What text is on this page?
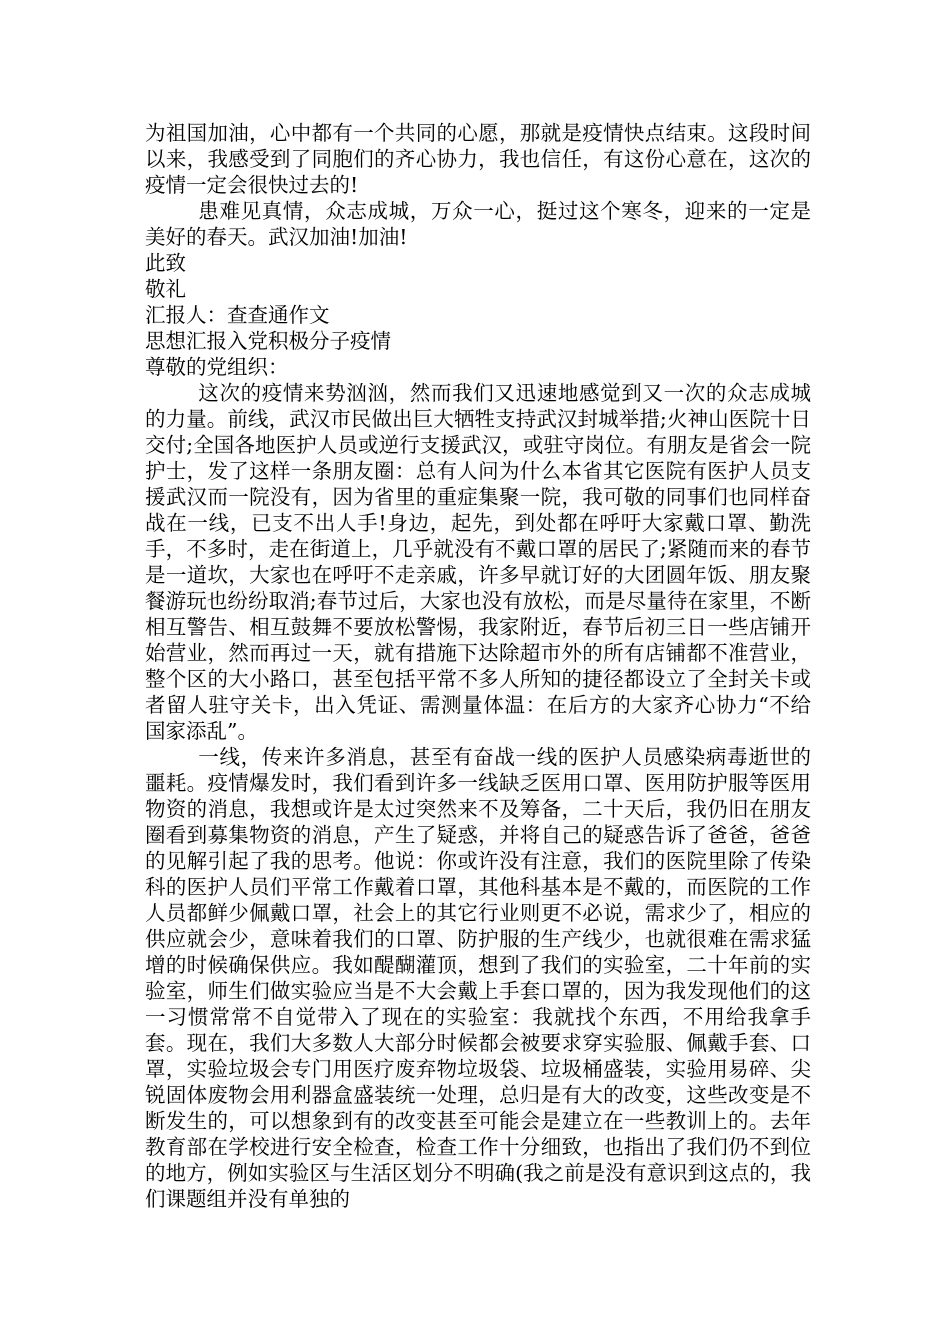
为祖国加油，心中都有一个共同的心愿，那就是疫情快点结束。这段时间以来，我感受到了同胞们的齐心协力，我也信任，有这份心意在，这次的疫情一定会很快过去的!

患难见真情，众志成城，万众一心，挺过这个寒冬，迎来的一定是美好的春天。武汉加油!加油!

此致

敬礼

汇报人：查查通作文

思想汇报入党积极分子疫情

尊敬的党组织：

这次的疫情来势汹汹，然而我们又迅速地感觉到又一次的众志成城的力量。前线，武汉市民做出巨大牺牲支持武汉封城举措;火神山医院十日交付;全国各地医护人员或逆行支援武汉，或驻守岗位。有朋友是省会一院护士，发了这样一条朋友圈：总有人问为什么本省其它医院有医护人员支援武汉而一院没有，因为省里的重症集聚一院，我可敬的同事们也同样奋战在一线，已支不出人手!身边，起先，到处都在呼吁大家戴口罩、勤洗手，不多时，走在街道上，几乎就没有不戴口罩的居民了;紧随而来的春节是一道坎，大家也在呼吁不走亲戚，许多早就订好的大团圆年饭、朋友聚餐游玩也纷纷取消;春节过后，大家也没有放松，而是尽量待在家里，不断相互警告、相互鼓舞不要放松警惕，我家附近，春节后初三日一些店铺开始营业，然而再过一天，就有措施下达除超市外的所有店铺都不准营业，整个区的大小路口，甚至包括平常不多人所知的捷径都设立了全封关卡或者留人驻守关卡，出入凭证、需测量体温：在后方的大家齐心协力“不给国家添乱”。

一线，传来许多消息，甚至有奋战一线的医护人员感染病毒逝世的噩耗。疫情爆发时，我们看到许多一线缺乏医用口罩、医用防护服等医用物资的消息，我想或许是太过突然来不及筹备，二十天后，我仍旧在朋友圈看到募集物资的消息，产生了疑惑，并将自己的疑惑告诉了爸爸，爸爸的见解引起了我的思考。他说：你或许没有注意，我们的医院里除了传染科的医护人员们平常工作戴着口罩，其他科基本是不戴的，而医院的工作人员都鲜少佩戴口罩，社会上的其它行业则更不必说，需求少了，相应的供应就会少，意味着我们的口罩、防护服的生产线少，也就很难在需求猛增的时候确保供应。我如醍醐灌顶，想到了我们的实验室，二十年前的实验室，师生们做实验应当是不大会戴上手套口罩的，因为我发现他们的这一习惯常常不自觉带入了现在的实验室：我就找个东西，不用给我拿手套。现在，我们大多数人大部分时候都会被要求穿实验服、佩戴手套、口罩，实验垃圾会专门用医疗废弃物垃圾袋、垃圾桶盛装，实验用易碎、尖锐固体废物会用利器盒盛装统一处理，总归是有大的改变，这些改变是不断发生的，可以想象到有的改变甚至可能会是建立在一些教训上的。去年教育部在学校进行安全检查，检查工作十分细致，也指出了我们仍不到位的地方，例如实验区与生活区划分不明确(我之前是没有意识到这点的，我们课题组并没有单独的
